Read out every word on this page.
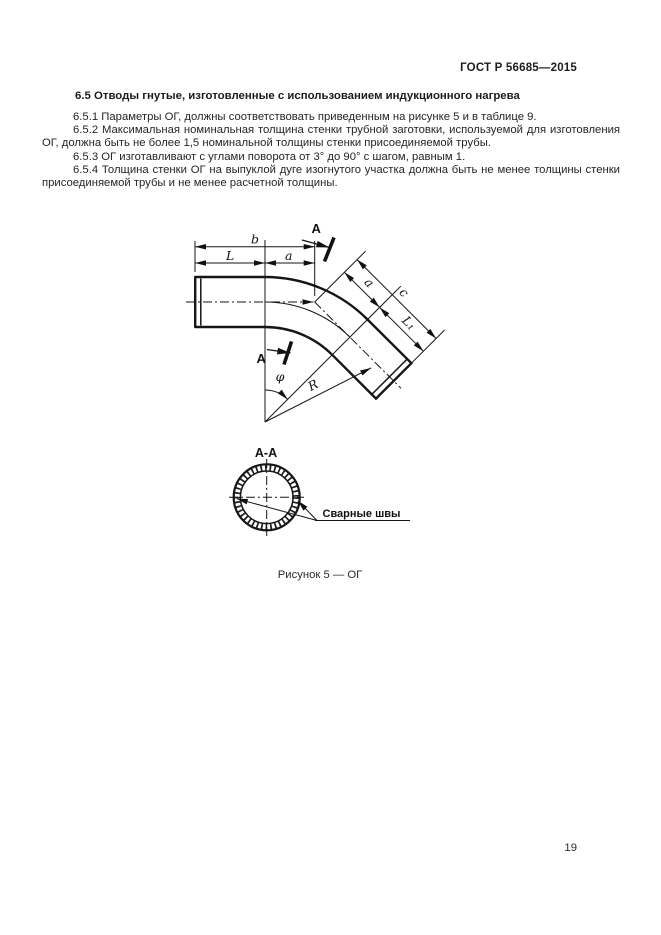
ГОСТ Р 56685—2015
6.5 Отводы гнутые, изготовленные с использованием индукционного нагрева

6.5.1 Параметры ОГ, должны соответствовать приведенным на рисунке 5 и в таблице 9.

6.5.2 Максимальная номинальная толщина стенки трубной заготовки, используемой для изготовления ОГ, должна быть не более 1,5 номинальной толщины стенки присоединяемой трубы.

6.5.3 ОГ изготавливают с углами поворота от 3° до 90° с шагом, равным 1.

6.5.4 Толщина стенки ОГ на выпуклой дуге изогнутого участка должна быть не менее толщины стенки присоединяемой трубы и не менее расчетной толщины.

b
L	a
a
L₁
c
R
φ
A
A
А-А
Сварные швы
Рисунок 5 — ОГ
19
